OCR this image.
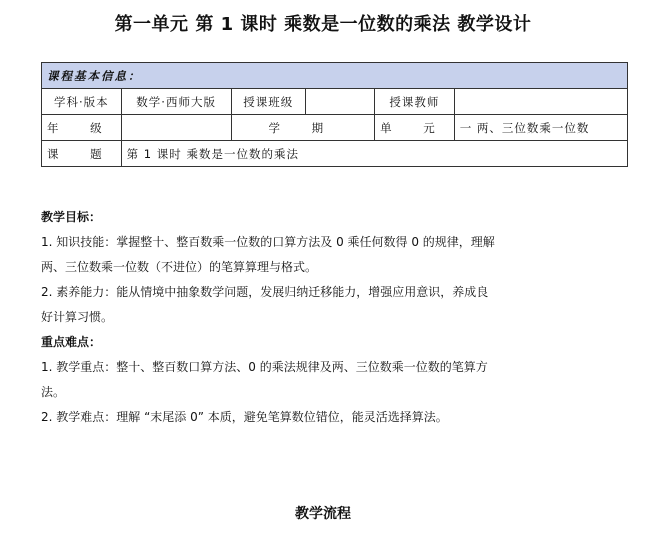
第一单元 第 1 课时 乘数是一位数的乘法 教学设计
课程基本信息：					
学科·版本	数学·西师大版	授课班级		授课教师	
年 级		学 期		单 元	一 两、三位数乘一位数
课 题	第 1 课时 乘数是一位数的乘法				

教学目标：

1. 知识技能：掌握整十、整百数乘一位数的口算方法及 0 乘任何数得 0 的规律，理解

两、三位数乘一位数（不进位）的笔算算理与格式。

2. 素养能力：能从情境中抽象数学问题，发展归纳迁移能力，增强应用意识，养成良

好计算习惯。

重点难点：

1. 教学重点：整十、整百数口算方法、0 的乘法规律及两、三位数乘一位数的笔算方

法。

2. 教学难点：理解 “末尾添 0” 本质，避免笔算数位错位，能灵活选择算法。

教学流程
